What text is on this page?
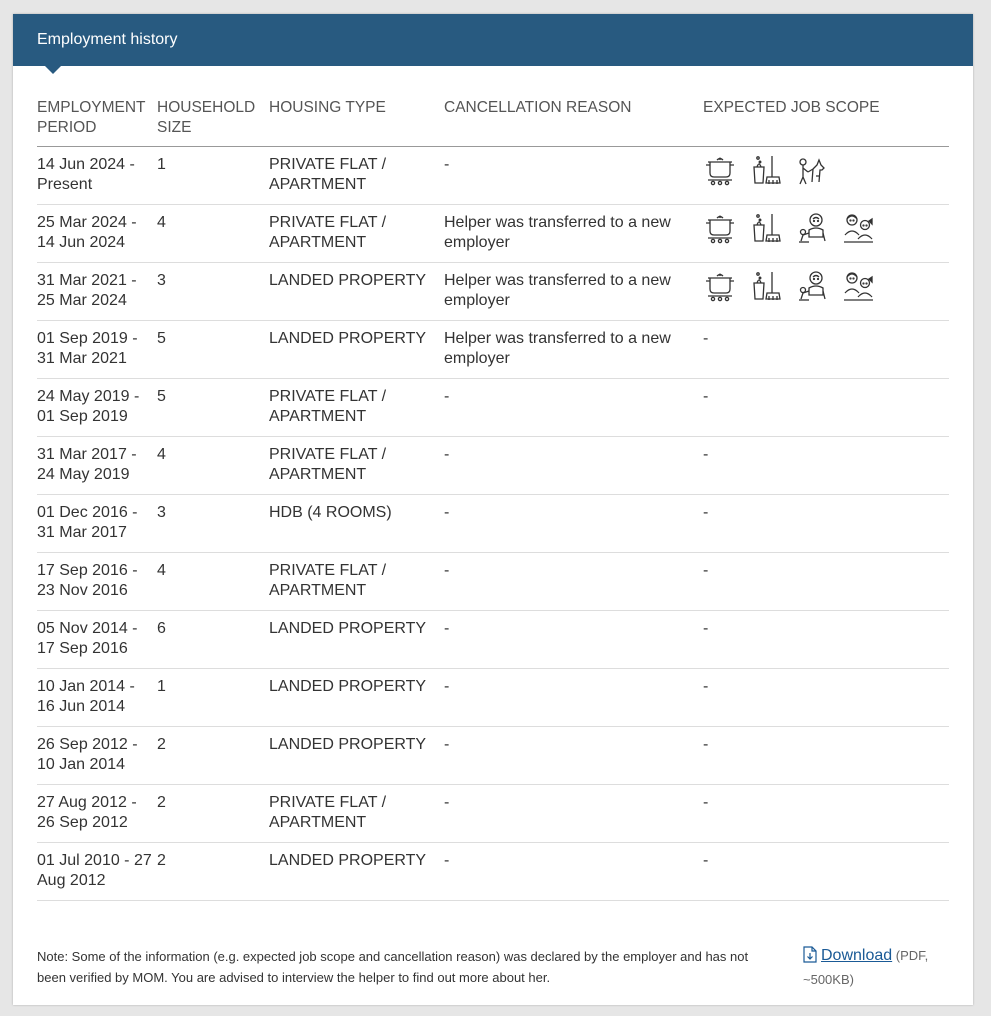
Employment history
EMPLOYMENT PERIOD	HOUSEHOLD SIZE	HOUSING TYPE	CANCELLATION REASON	EXPECTED JOB SCOPE
14 Jun 2024 - Present	1	PRIVATE FLAT / APARTMENT	-	

25 Mar 2024 - 14 Jun 2024	4	PRIVATE FLAT / APARTMENT	Helper was transferred to a new employer	

31 Mar 2021 - 25 Mar 2024	3	LANDED PROPERTY	Helper was transferred to a new employer	

01 Sep 2019 - 31 Mar 2021	5	LANDED PROPERTY	Helper was transferred to a new employer	-
24 May 2019 - 01 Sep 2019	5	PRIVATE FLAT / APARTMENT	-	-
31 Mar 2017 - 24 May 2019	4	PRIVATE FLAT / APARTMENT	-	-
01 Dec 2016 - 31 Mar 2017	3	HDB (4 ROOMS)	-	-
17 Sep 2016 - 23 Nov 2016	4	PRIVATE FLAT / APARTMENT	-	-
05 Nov 2014 - 17 Sep 2016	6	LANDED PROPERTY	-	-
10 Jan 2014 - 16 Jun 2014	1	LANDED PROPERTY	-	-
26 Sep 2012 - 10 Jan 2014	2	LANDED PROPERTY	-	-
27 Aug 2012 - 26 Sep 2012	2	PRIVATE FLAT / APARTMENT	-	-
01 Jul 2010 - 27 Aug 2012	2	LANDED PROPERTY	-	-
Note: Some of the information (e.g. expected job scope and cancellation reason) was declared by the employer and has not been verified by MOM. You are advised to interview the helper to find out more about her.
Download (PDF, ~500KB)
